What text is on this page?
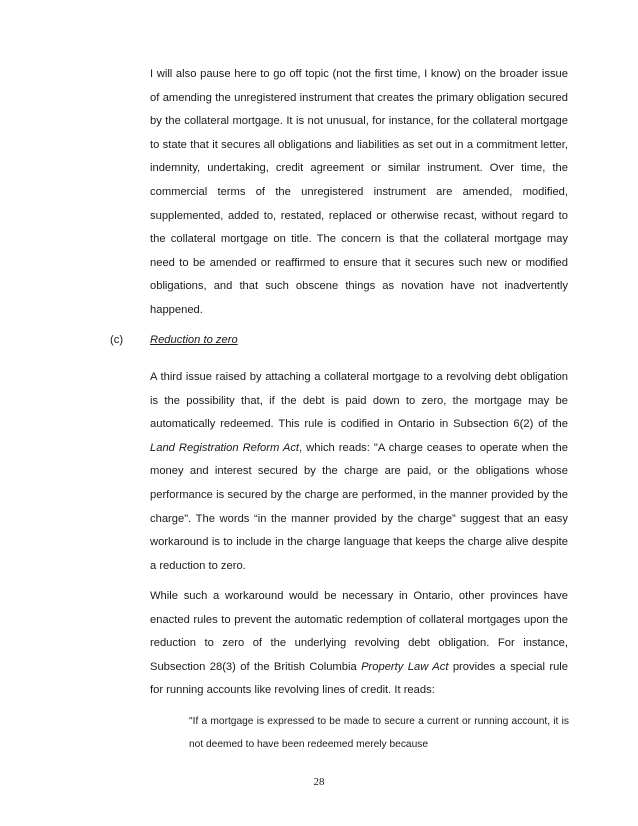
I will also pause here to go off topic (not the first time, I know) on the broader issue of amending the unregistered instrument that creates the primary obligation secured by the collateral mortgage. It is not unusual, for instance, for the collateral mortgage to state that it secures all obligations and liabilities as set out in a commitment letter, indemnity, undertaking, credit agreement or similar instrument. Over time, the commercial terms of the unregistered instrument are amended, modified, supplemented, added to, restated, replaced or otherwise recast, without regard to the collateral mortgage on title. The concern is that the collateral mortgage may need to be amended or reaffirmed to ensure that it secures such new or modified obligations, and that such obscene things as novation have not inadvertently happened.

(c) Reduction to zero

A third issue raised by attaching a collateral mortgage to a revolving debt obligation is the possibility that, if the debt is paid down to zero, the mortgage may be automatically redeemed. This rule is codified in Ontario in Subsection 6(2) of the Land Registration Reform Act, which reads: "A charge ceases to operate when the money and interest secured by the charge are paid, or the obligations whose performance is secured by the charge are performed, in the manner provided by the charge". The words “in the manner provided by the charge” suggest that an easy workaround is to include in the charge language that keeps the charge alive despite a reduction to zero.

While such a workaround would be necessary in Ontario, other provinces have enacted rules to prevent the automatic redemption of collateral mortgages upon the reduction to zero of the underlying revolving debt obligation. For instance, Subsection 28(3) of the British Columbia Property Law Act provides a special rule for running accounts like revolving lines of credit. It reads:

"If a mortgage is expressed to be made to secure a current or running account, it is not deemed to have been redeemed merely because

28
